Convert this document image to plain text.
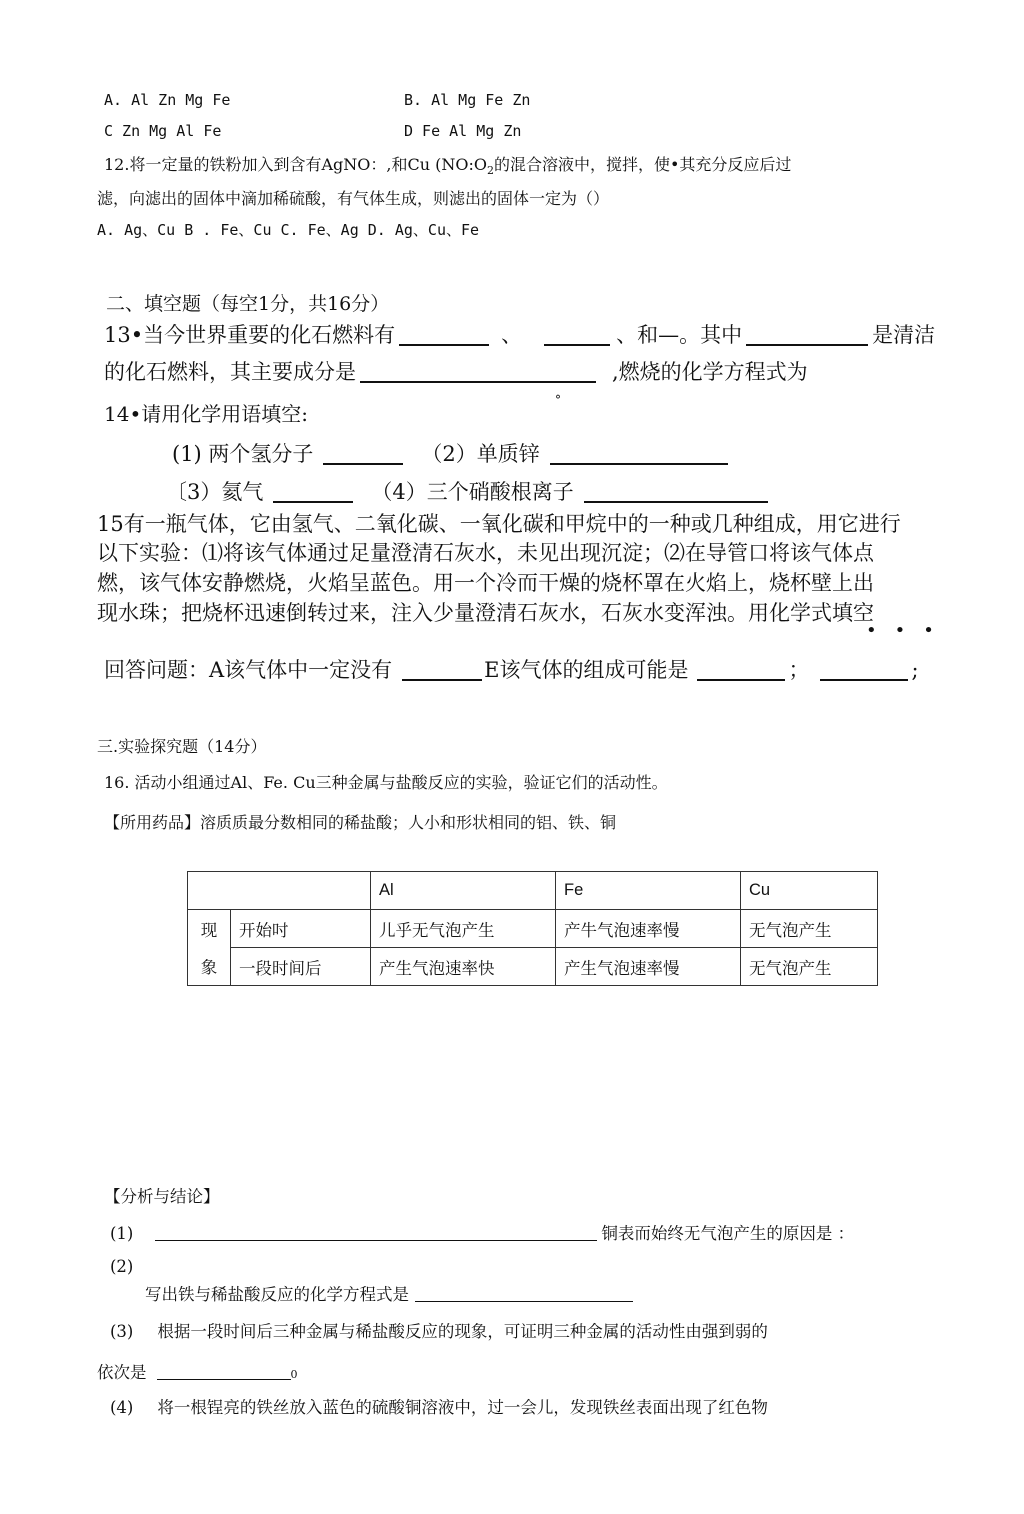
A. Al Zn Mg Fe	B. Al Mg Fe Zn
C Zn Mg Al Fe	D Fe Al Mg Zn
12.将一定量的铁粉加入到含有AgNO：,和Cu ($NO:O_2$的混合溶液中，搅拌，使•其充分反应后过
滤，向滤出的固体中滴加稀硫酸，有气体生成，则滤出的固体一定为（）
A. Ag、Cu B . Fe、Cu C. Fe、Ag D. Ag、Cu、Fe
二、填空题（每空1分，共16分）
13•当今世界重要的化石燃料有	、	、和—。其中	是清洁
的化石燃料，其主要成分是	,燃烧的化学方程式为
°
14•请用化学用语填空:
(1) 两个氢分子	（2）单质锌
〔3）氦气	（4）三个硝酸根离子
15有一瓶气体，它由氢气、二氧化碳、一氧化碳和甲烷中的一种或几种组成，用它进行
以下实验：⑴将该气体通过足量澄清石灰水，未见出现沉淀；⑵在导管口将该气体点
燃，该气体安静燃烧，火焰呈蓝色。用一个冷而干燥的烧杯罩在火焰上，烧杯壁上出
现水珠；把烧杯迅速倒转过来，注入少量澄清石灰水，石灰水变浑浊。用化学式填空
•••
回答问题：A该气体中一定没有	E该气体的组成可能是	；	;
三.实验探究题（14分）
16. 活动小组通过Al、Fe. Cu三种金属与盐酸反应的实验，验证它们的活动性。
【所用药品】溶质质最分数相同的稀盐酸；人小和形状相同的铝、铁、铜
		Al	Fe	Cu
现	开始吋	儿乎无气泡产生	产牛气泡速率慢	无气泡产生
象	一段时间后	产生气泡速率快	产生气泡速率慢	无气泡产生
【分析与结论】
(1)	铜表而始终无气泡产生的原因是 ：
(2)
写出铁与稀盐酸反应的化学方程式是
(3) 根据一段时间后三种金属与稀盐酸反应的现象，可证明三种金属的活动性由强到弱的
依次是	0
(4) 将一根锃亮的铁丝放入蓝色的硫酸铜溶液中，过一会儿，发现铁丝表面出现了红色物
